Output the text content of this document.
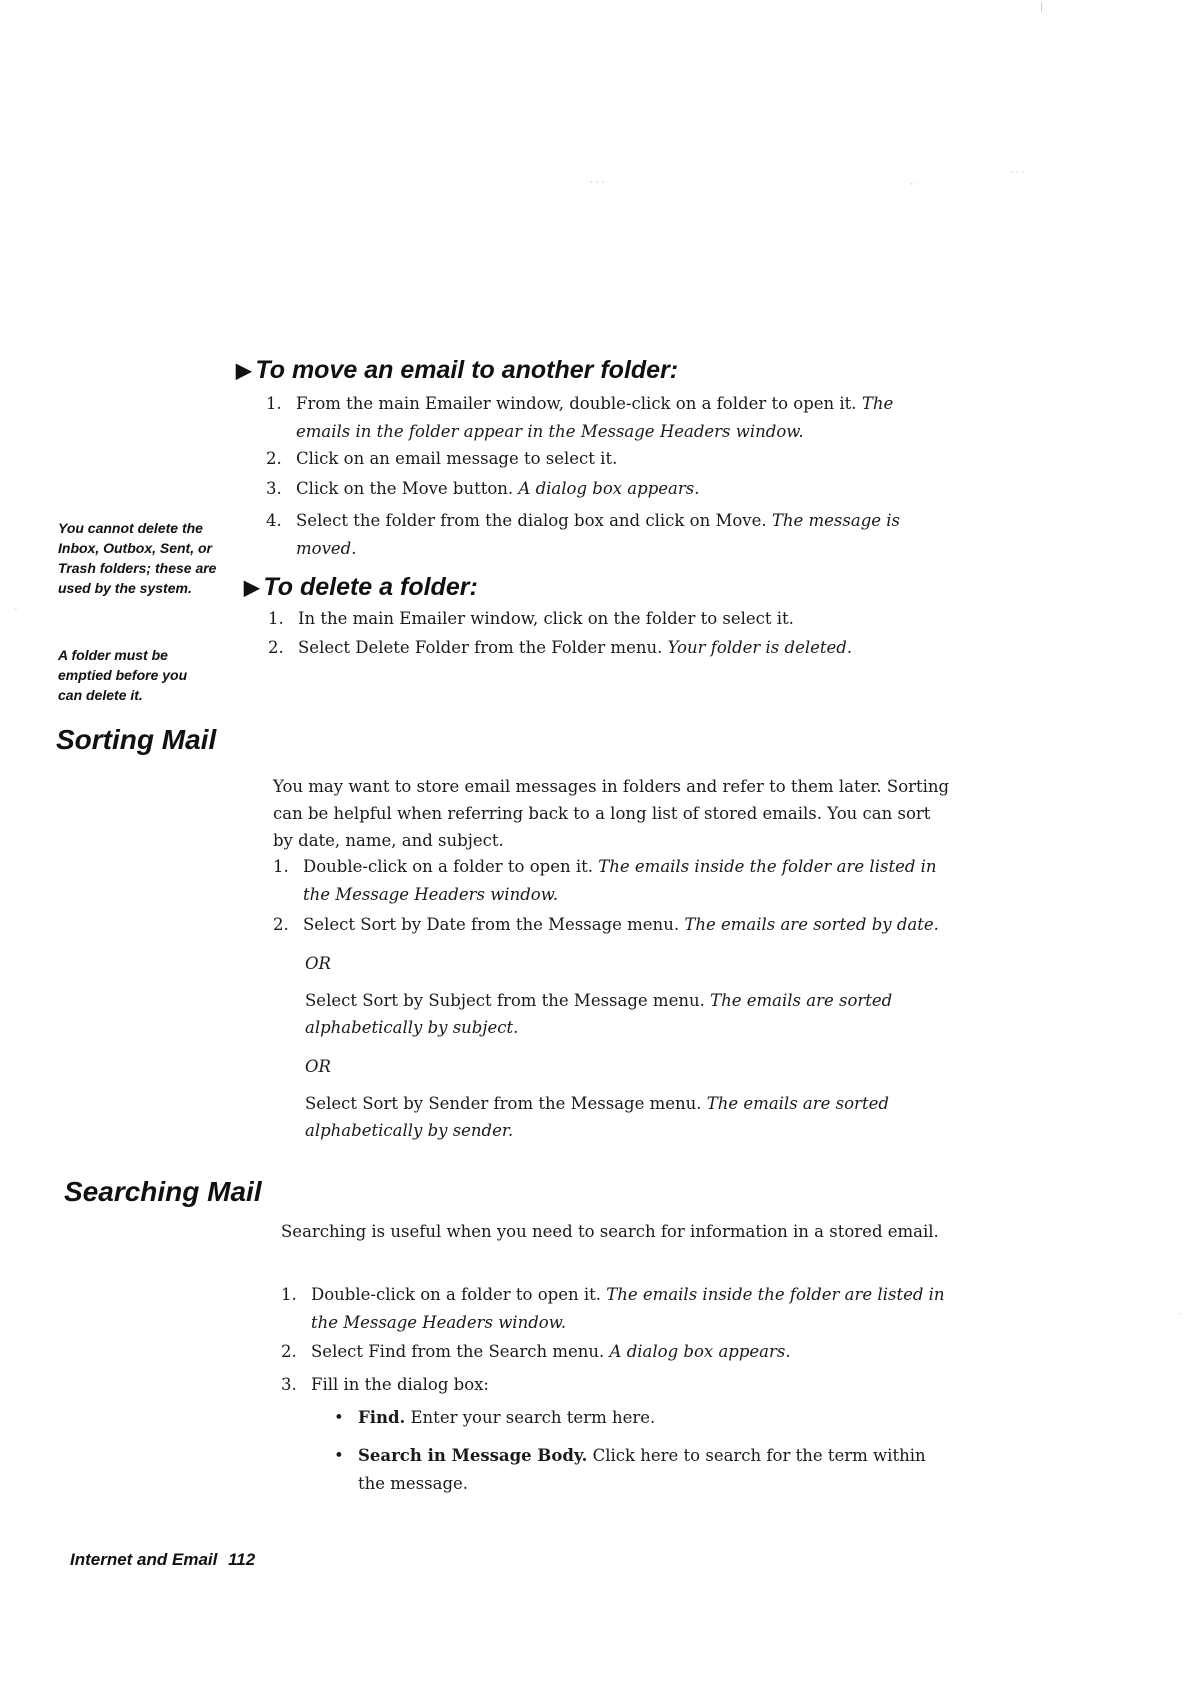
|
· · ·	· ·
· · ·
-
·
▶ To move an email to another folder:
1. From the main Emailer window, double-click on a folder to open it. The emails in the folder appear in the Message Headers window.
2. Click on an email message to select it.
3. Click on the Move button. A dialog box appears.
4. Select the folder from the dialog box and click on Move. The message is moved.
You cannot delete the Inbox, Outbox, Sent, or Trash folders; these are used by the system.
A folder must be emptied before you can delete it.
▶ To delete a folder:
1. In the main Emailer window, click on the folder to select it.
2. Select Delete Folder from the Folder menu. Your folder is deleted.
Sorting Mail
You may want to store email messages in folders and refer to them later. Sorting can be helpful when referring back to a long list of stored emails. You can sort by date, name, and subject.
1. Double-click on a folder to open it. The emails inside the folder are listed in the Message Headers window.
2. Select Sort by Date from the Message menu. The emails are sorted by date.
OR
Select Sort by Subject from the Message menu. The emails are sorted alphabetically by subject.
OR
Select Sort by Sender from the Message menu. The emails are sorted alphabetically by sender.
Searching Mail
Searching is useful when you need to search for information in a stored email.
1. Double-click on a folder to open it. The emails inside the folder are listed in the Message Headers window.
2. Select Find from the Search menu. A dialog box appears.
3. Fill in the dialog box:
• Find. Enter your search term here.
• Search in Message Body. Click here to search for the term within the message.
Internet and Email 112
